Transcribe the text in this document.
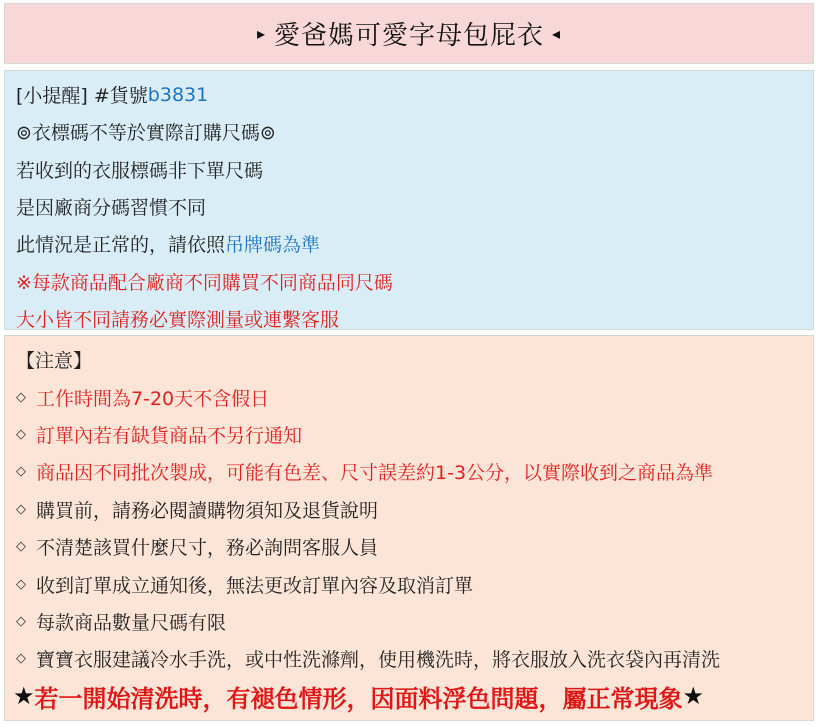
▸ 愛爸媽可愛字母包屁衣 ◂
[小提醒] #貨號 b3831
⊚衣標碼不等於實際訂購尺碼⊚
若收到的衣服標碼非下單尺碼
是因廠商分碼習慣不同
此情況是正常的，請依照 吊牌碼為準
※每款商品配合廠商不同購買不同商品同尺碼
大小皆不同請務必實際測量或連繫客服
【注意】
◇ 工作時間為7-20天不含假日
◇ 訂單內若有缺貨商品不另行通知
◇ 商品因不同批次製成，可能有色差、尺寸誤差約1-3公分，以實際收到之商品為準
◇ 購買前，請務必閱讀購物須知及退貨說明
◇ 不清楚該買什麼尺寸，務必詢問客服人員
◇ 收到訂單成立通知後，無法更改訂單內容及取消訂單
◇ 每款商品數量尺碼有限
◇ 寶寶衣服建議冷水手洗，或中性洗滌劑，使用機洗時，將衣服放入洗衣袋內再清洗
★ 若一開始清洗時，有褪色情形，因面料浮色問題，屬正常現象 ★
